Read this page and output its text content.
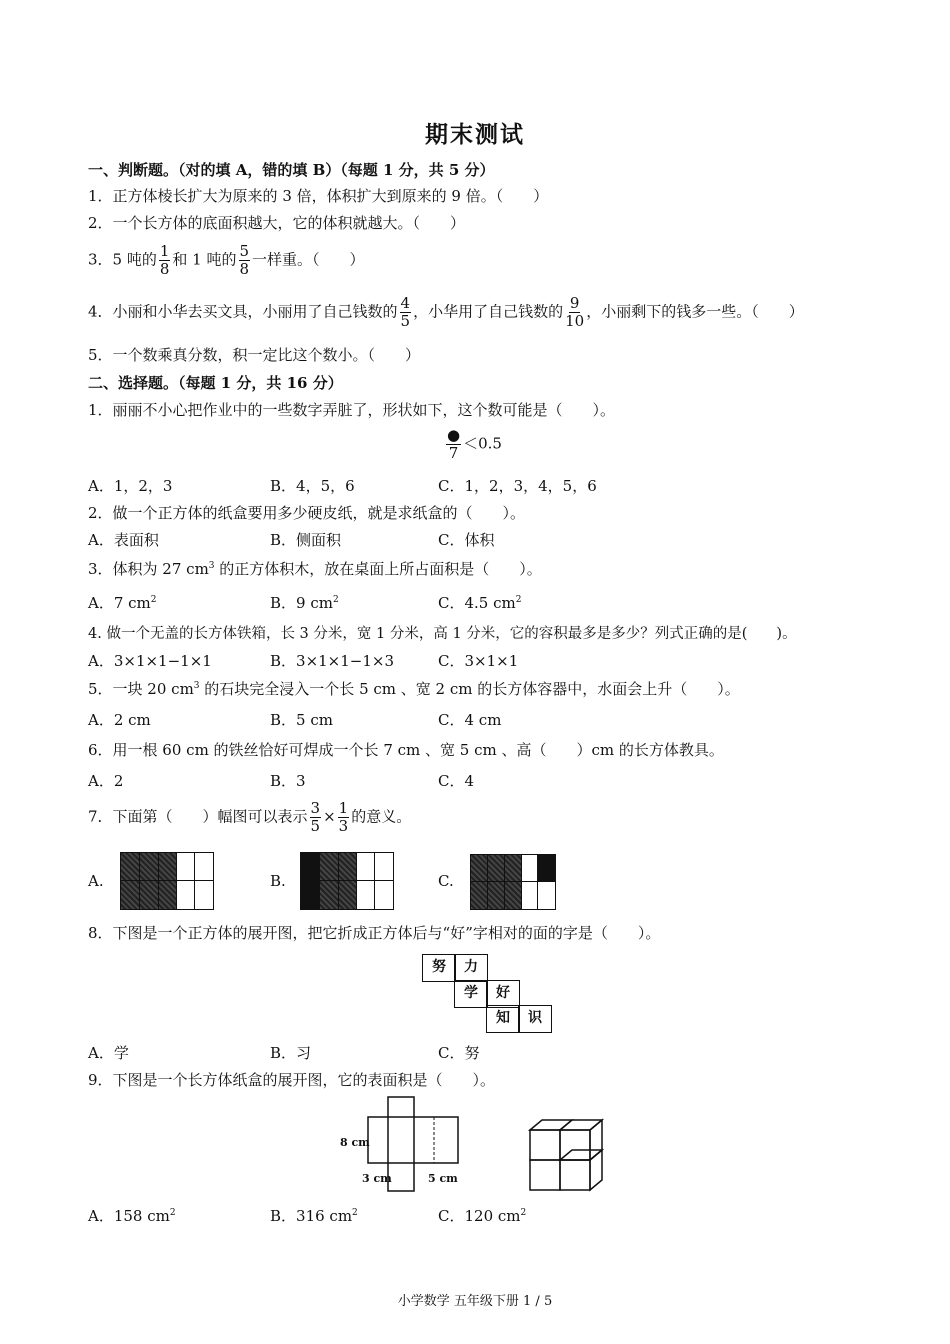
期末测试
一、判断题。（对的填 A，错的填 B）（每题 1 分，共 5 分）
1．正方体棱长扩大为原来的 3 倍，体积扩大到原来的 9 倍。（　　）
2．一个长方体的底面积越大，它的体积就越大。（　　）
3．5 吨的 $\frac{1}{8}$ 和 1 吨的 $\frac{5}{8}$ 一样重。（　　）
4．小丽和小华去买文具，小丽用了自己钱数的 $\frac{4}{5}$ ，小华用了自己钱数的 $\frac{9}{10}$ ，小丽剩下的钱多一些。（　　）
5．一个数乘真分数，积一定比这个数小。（　　）
二、选择题。（每题 1 分，共 16 分）
1．丽丽不小心把作业中的一些数字弄脏了，形状如下，这个数可能是（　　）。
$\frac{●}{7} <0.5$
A．1，2，3	B．4，5，6	C．1，2，3，4，5，6
2．做一个正方体的纸盒要用多少硬皮纸，就是求纸盒的（　　）。
A．表面积	B．侧面积	C．体积
3．体积为 27 $cm^3$ 的正方体积木，放在桌面上所占面积是（　　）。
A．7 $cm^2$	B．9 $cm^2$	C．4.5 $cm^2$
4. 做一个无盖的长方体铁箱，长 3 分米，宽 1 分米，高 1 分米，它的容积最多是多少？列式正确的是(　　)。
A．3×1×1−1×1	B．3×1×1−1×3	C．3×1×1
5．一块 20 $cm^3$ 的石块完全浸入一个长 5 cm 、宽 2 cm 的长方体容器中，水面会上升（　　）。
A．2 cm	B．5 cm	C．4 cm
6．用一根 60 cm 的铁丝恰好可焊成一个长 7 cm 、宽 5 cm 、高（　　）cm 的长方体教具。
A．2	B．3	C．4
7．下面第（　　）幅图可以表示 $\frac{3}{5} \times \frac{1}{3}$ 的意义。
A.	B.	C.
8．下图是一个正方体的展开图，把它折成正方体后与“好”字相对的面的字是（　　）。
努	力
学	好
知	识
A．学	B．习	C．努
9．下图是一个长方体纸盒的展开图，它的表面积是（　　）。
8 cm
3 cm	5 cm
A．158 $cm^2$	B．316 $cm^2$	C．120 $cm^2$
小学数学 五年级下册 1 / 5
